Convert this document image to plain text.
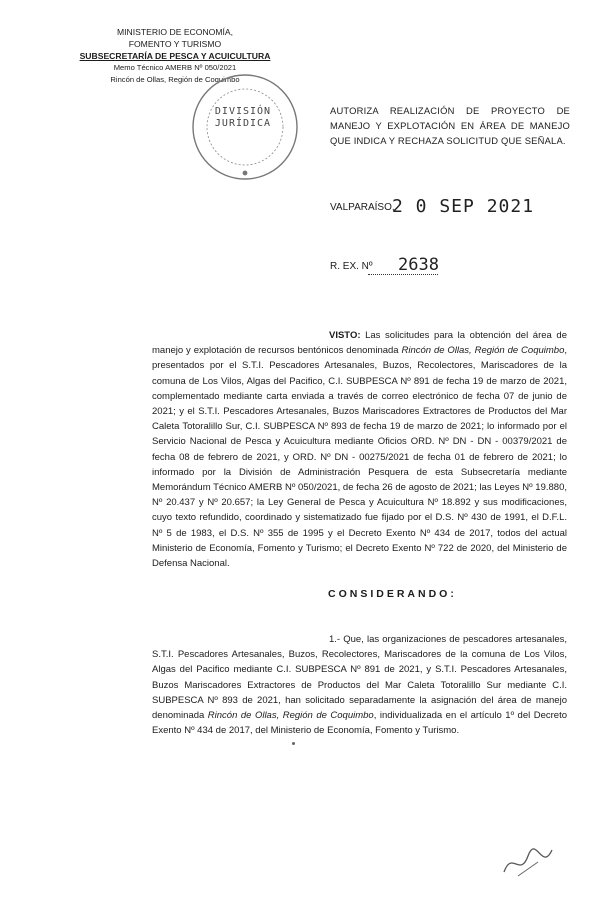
MINISTERIO DE ECONOMÍA,
FOMENTO Y TURISMO
SUBSECRETARÍA DE PESCA Y ACUICULTURA
Memo Técnico AMERB Nº 050/2021
Rincón de Ollas, Región de Coquimbo
DIVISIÓN
JURÍDICA
AUTORIZA REALIZACIÓN DE PROYECTO DE MANEJO Y EXPLOTACIÓN EN ÁREA DE MANEJO QUE INDICA Y RECHAZA SOLICITUD QUE SEÑALA.
VALPARAÍSO,
2 0 SEP 2021
R. EX. Nº 2638
VISTO: Las solicitudes para la obtención del área de manejo y explotación de recursos bentónicos denominada Rincón de Ollas, Región de Coquimbo, presentados por el S.T.I. Pescadores Artesanales, Buzos, Recolectores, Mariscadores de la comuna de Los Vilos, Algas del Pacifico, C.I. SUBPESCA Nº 891 de fecha 19 de marzo de 2021, complementado mediante carta enviada a través de correo electrónico de fecha 07 de junio de 2021; y el S.T.I. Pescadores Artesanales, Buzos Mariscadores Extractores de Productos del Mar Caleta Totoralillo Sur, C.I. SUBPESCA Nº 893 de fecha 19 de marzo de 2021; lo informado por el Servicio Nacional de Pesca y Acuicultura mediante Oficios ORD. Nº DN - DN - 00379/2021 de fecha 08 de febrero de 2021, y ORD. Nº DN - 00275/2021 de fecha 01 de febrero de 2021; lo informado por la División de Administración Pesquera de esta Subsecretaría mediante Memorándum Técnico AMERB Nº 050/2021, de fecha 26 de agosto de 2021; las Leyes Nº 19.880, Nº 20.437 y Nº 20.657; la Ley General de Pesca y Acuicultura Nº 18.892 y sus modificaciones, cuyo texto refundido, coordinado y sistematizado fue fijado por el D.S. Nº 430 de 1991, el D.F.L. Nº 5 de 1983, el D.S. Nº 355 de 1995 y el Decreto Exento Nº 434 de 2017, todos del actual Ministerio de Economía, Fomento y Turismo; el Decreto Exento Nº 722 de 2020, del Ministerio de Defensa Nacional.
CONSIDERANDO:
1.- Que, las organizaciones de pescadores artesanales, S.T.I. Pescadores Artesanales, Buzos, Recolectores, Mariscadores de la comuna de Los Vilos, Algas del Pacifico mediante C.I. SUBPESCA Nº 891 de 2021, y S.T.I. Pescadores Artesanales, Buzos Mariscadores Extractores de Productos del Mar Caleta Totoralillo Sur mediante C.I. SUBPESCA Nº 893 de 2021, han solicitado separadamente la asignación del área de manejo denominada Rincón de Ollas, Región de Coquimbo, individualizada en el artículo 1º del Decreto Exento Nº 434 de 2017, del Ministerio de Economía, Fomento y Turismo.
